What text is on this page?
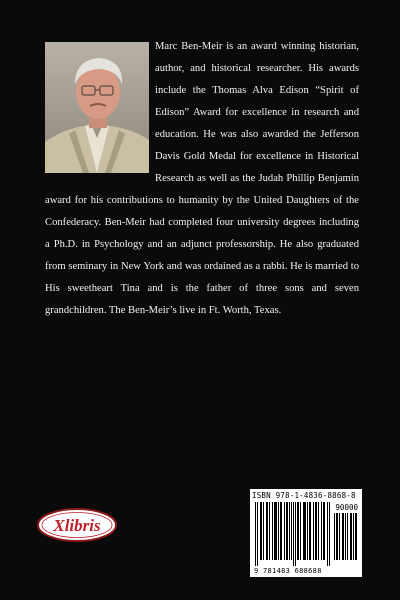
Marc Ben-Meir is an award winning historian, author, and historical researcher. His awards include the Thomas Alva Edison “Spirit of Edison” Award for excellence in research and education. He was also awarded the Jefferson Davis Gold Medal for excellence in Historical Research as well as the Judah Phillip Benjamin award for his contributions to humanity by the United Daughters of the Confederacy. Ben-Meir had completed four university degrees including a Ph.D. in Psychology and an adjunct professorship. He also graduated from seminary in New York and was ordained as a rabbi. He is married to His sweetheart Tina and is the father of three sons and seven grandchildren. The Ben-Meir’s live in Ft. Worth, Texas.

Xlibris
ISBN 978-1-4836-8868-8
90000
9 781483 688688
